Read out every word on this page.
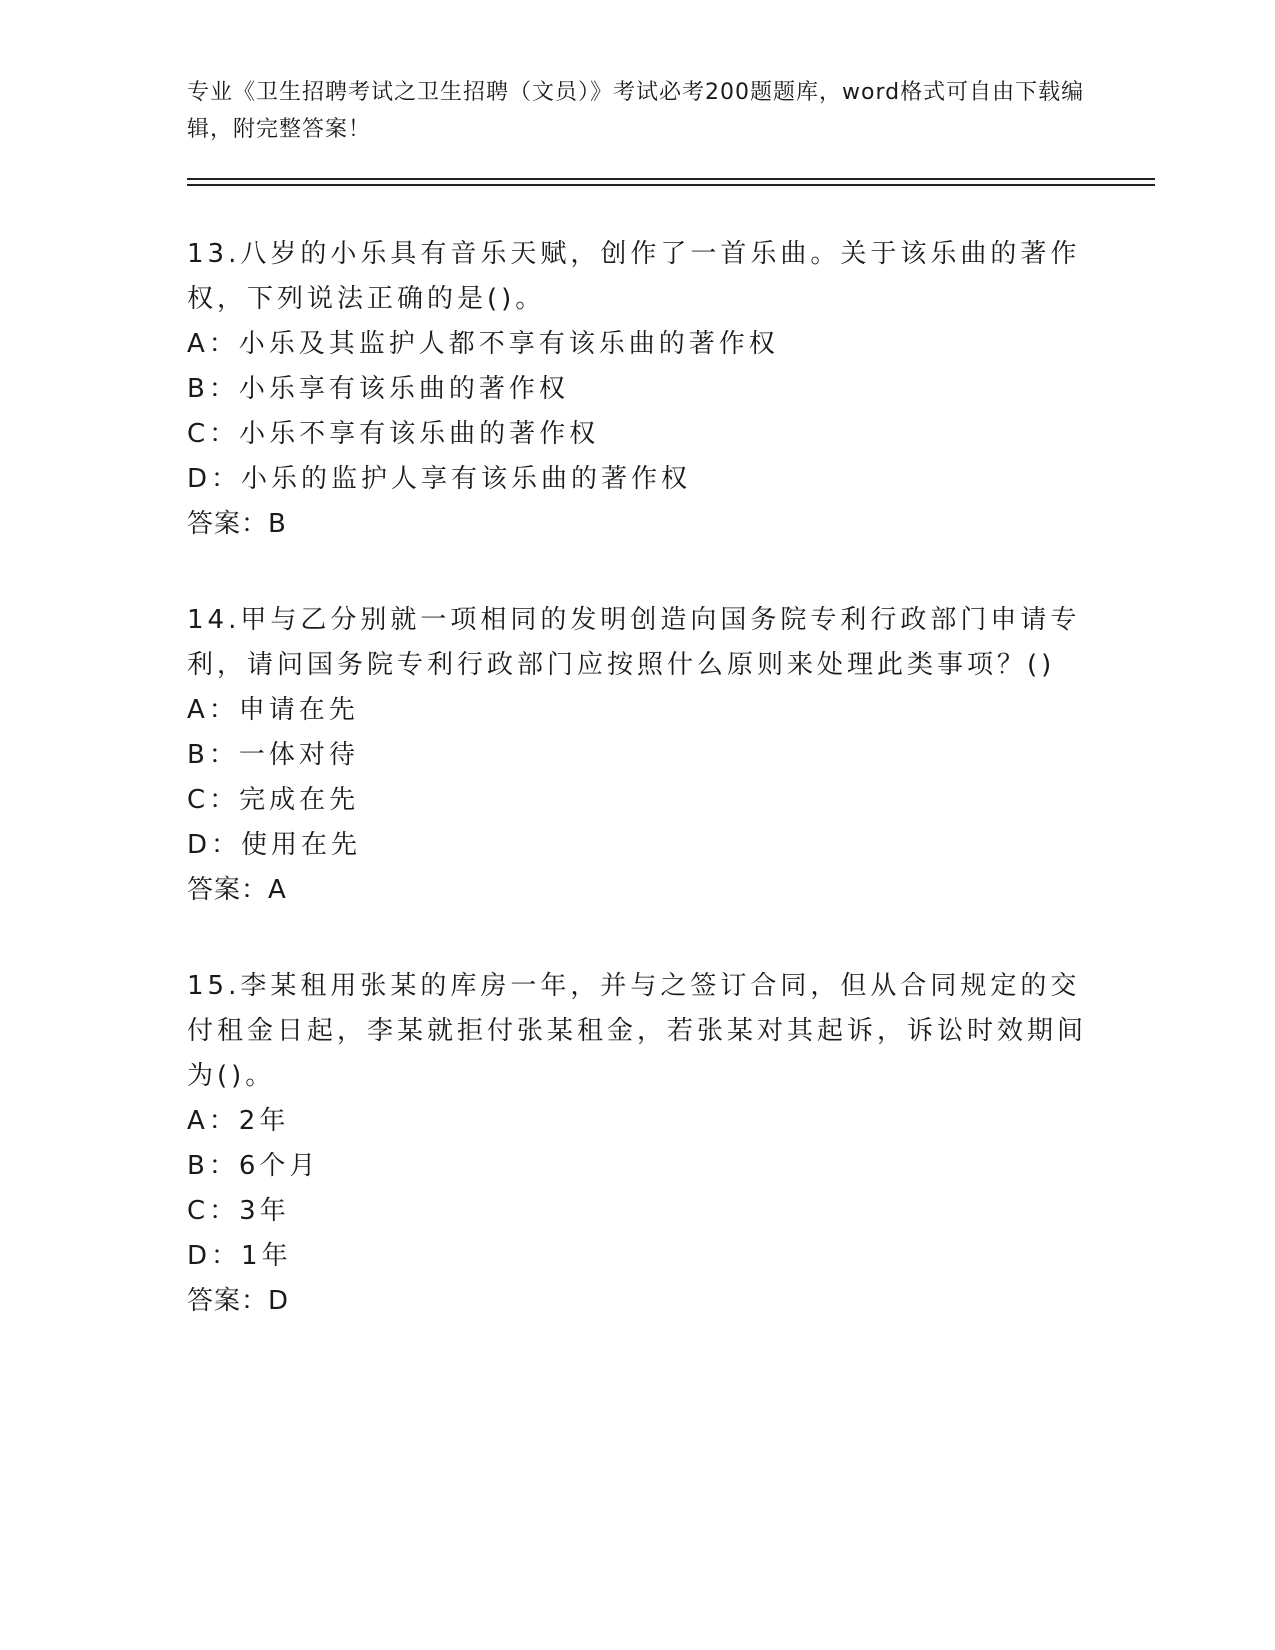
专业《卫生招聘考试之卫生招聘（文员）》考试必考200题题库，word格式可自由下载编辑，附完整答案！

13.八岁的小乐具有音乐天赋，创作了一首乐曲。关于该乐曲的著作权，下列说法正确的是()。

A：小乐及其监护人都不享有该乐曲的著作权

B：小乐享有该乐曲的著作权

C：小乐不享有该乐曲的著作权

D：小乐的监护人享有该乐曲的著作权

答案：B

14.甲与乙分别就一项相同的发明创造向国务院专利行政部门申请专利，请问国务院专利行政部门应按照什么原则来处理此类事项？()

A：申请在先

B：一体对待

C：完成在先

D：使用在先

答案：A

15.李某租用张某的库房一年，并与之签订合同，但从合同规定的交付租金日起，李某就拒付张某租金，若张某对其起诉，诉讼时效期间为()。

A：2年

B：6个月

C：3年

D：1年

答案：D
